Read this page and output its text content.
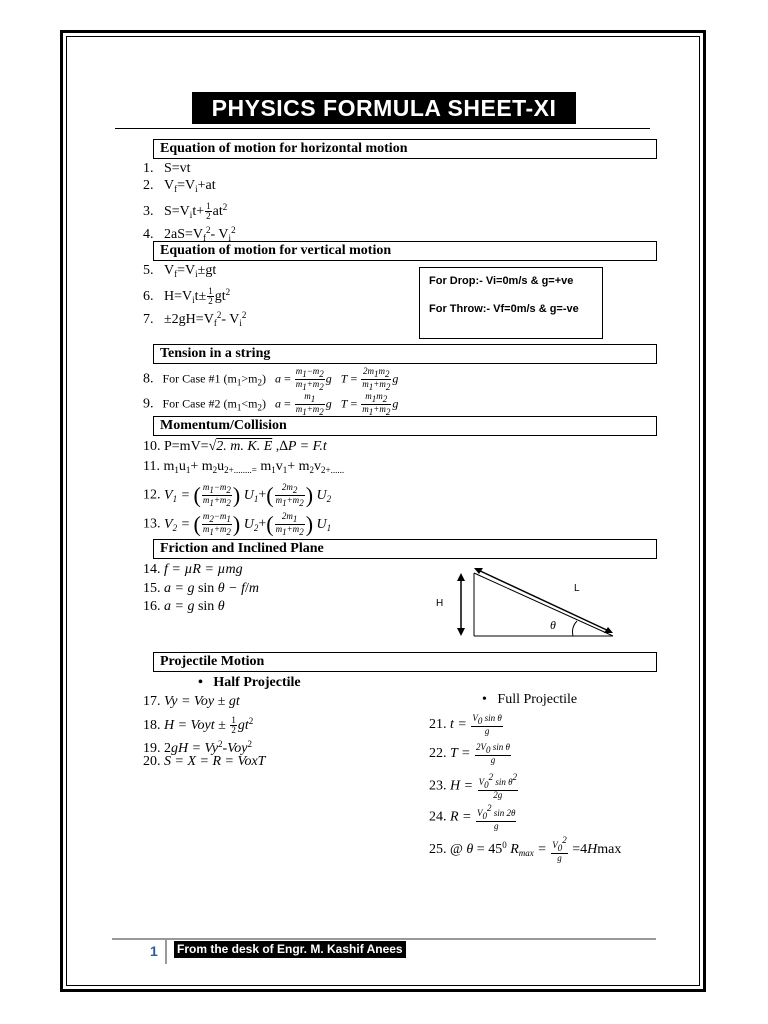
PHYSICS FORMULA SHEET-XI
Equation of motion for horizontal motion
1. S=vt
2.   $V_f=V_i+at$
3.   $S=V_it+ \frac{1}{2} at^2$
4.   $2aS=V_f^2-$ $V_i^2$
Equation of motion for vertical motion
5.   $V_f=V_i\pm gt$
6.   $H=V_it\pm \frac{1}{2} gt^2$
7.   $\pm 2gH=V_f^2-$ $V_i^2$
For Drop:- Vi=0m/s & g=+ve
For Throw:- Vf=0m/s & g=-ve
Tension in a string
8. For Case #1 $(m_1>m_2) a = \frac{m_1-m_2}{m_1+m_2}$ g $T = \frac{2m_1m_2}{m_1+m_2}$ g
9. For Case #2 $(m_1<m_2) a = \frac{m_1}{m_1+m_2}$ g $T = \frac{m_1m_2}{m_1+m_2}$ g
Momentum/Collision
10. P=mV=√2. m. K. E ,∆P = F.t
11. $m_1u_1+ m_2u_{2+........=}$ $m_1v_1+ m_2v_{2+......}$
12. $V_1$ = ( $\frac{m_1-m_2}{m_1+m_2}$ ) $U_1+( \frac{2m_2}{m_1+m_2}$ ) $U_2$
13. $V_2$ = ( $\frac{m_2-m_1}{m_1+m_2}$ ) $U_2+( \frac{2m_1}{m_1+m_2}$ ) $U_1$
Friction and Inclined Plane
14. f = µR = µmg
15. a = g sin θ − f/m
16. a = g sin θ	H
L
θ
Projectile Motion
•   Half Projectile
•   Full Projectile
17. Vy = Voy ± gt
18. H = Voyt ± $\frac{1}{2} gt^2$
19. $2gH = Vy^2-Voy^2$
20. S = X = R = VoxT
21. $t = \frac{V_0 \sin \theta}{g}$
22. $T = \frac{2V_0 \sin \theta}{g}$
23. $H = \frac{V_0^2 \sin \theta^2}{2g}$
24. $R = \frac{V_0^2 \sin 2\theta}{g}$
25. @ $\theta = 45^0$ $R_{max} = \frac{V_0^2}{g} =4Hmax$
1 From the desk of Engr. M. Kashif Anees
